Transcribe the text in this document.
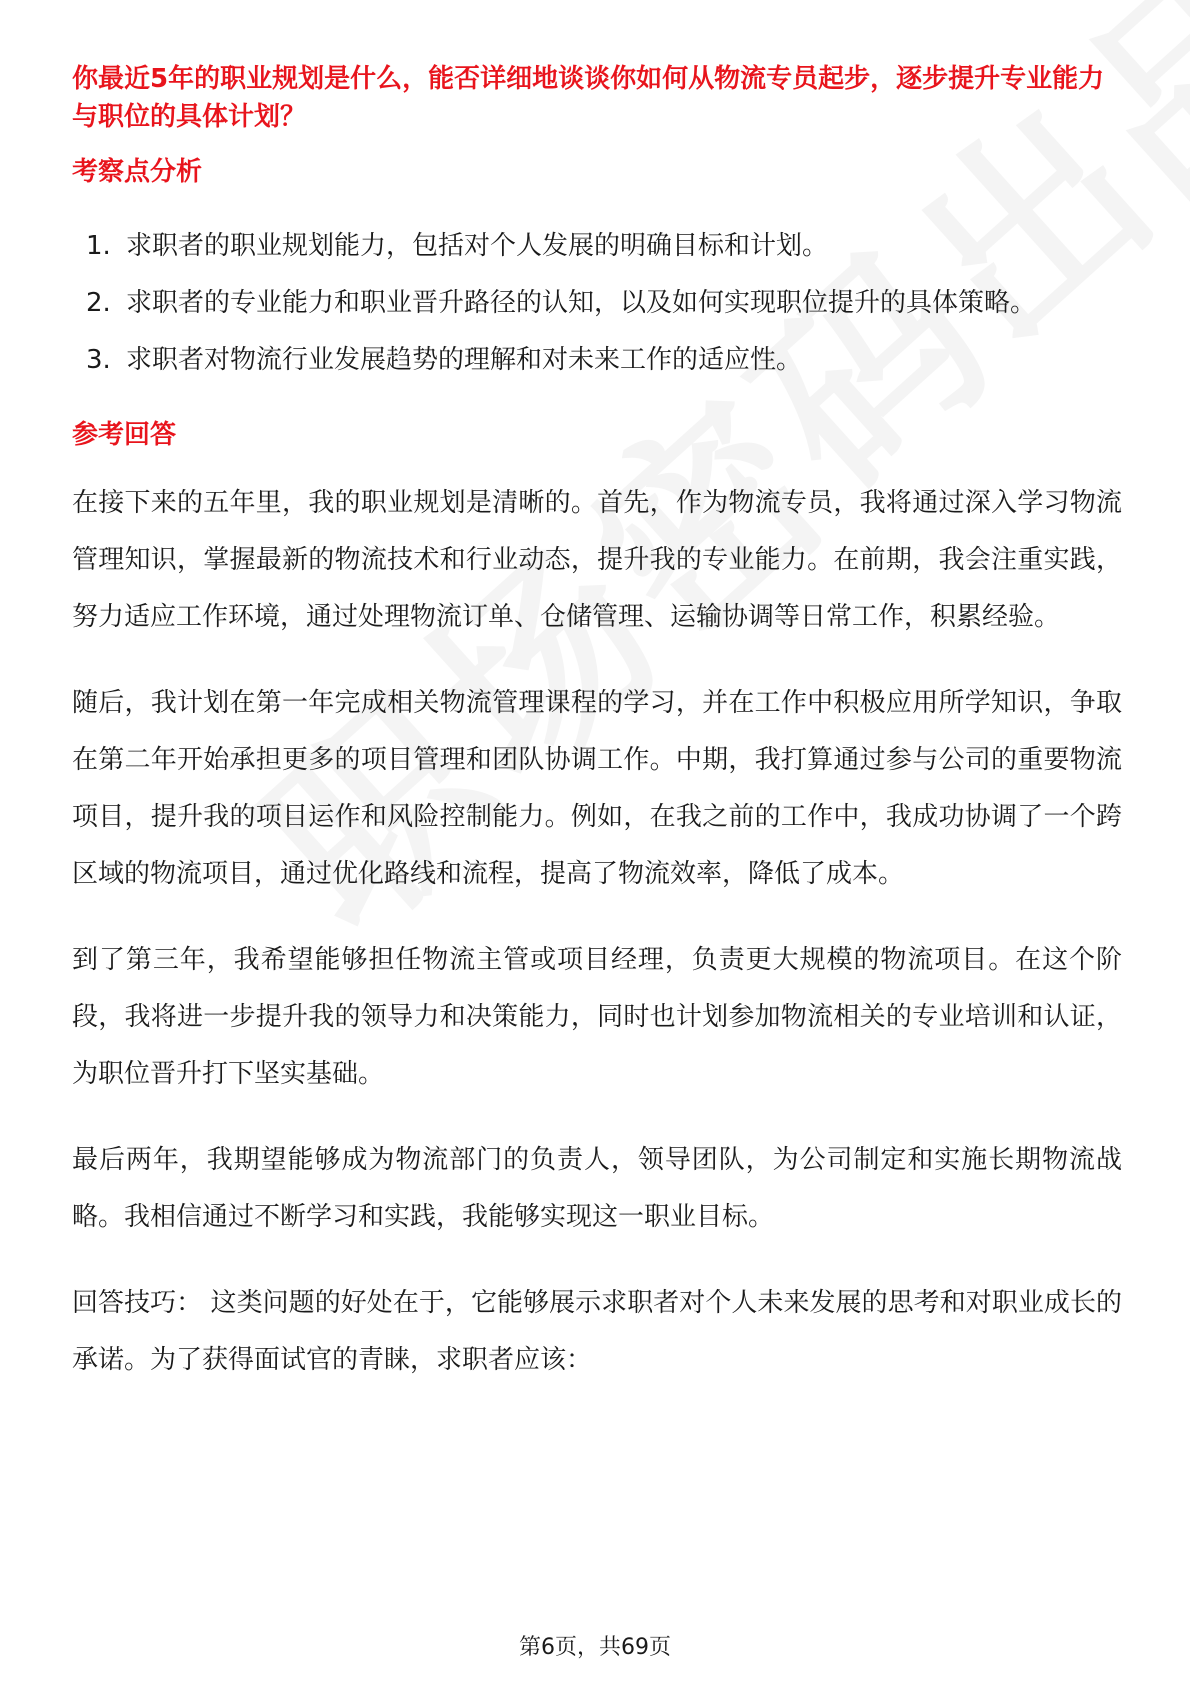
你最近5年的职业规划是什么，能否详细地谈谈你如何从物流专员起步，逐步提升专业能力与职位的具体计划？

考察点分析

1. 求职者的职业规划能力，包括对个人发展的明确目标和计划。
2. 求职者的专业能力和职业晋升路径的认知，以及如何实现职位提升的具体策略。
3. 求职者对物流行业发展趋势的理解和对未来工作的适应性。

参考回答

在接下来的五年里，我的职业规划是清晰的。首先，作为物流专员，我将通过深入学习物流管理知识，掌握最新的物流技术和行业动态，提升我的专业能力。在前期，我会注重实践，努力适应工作环境，通过处理物流订单、仓储管理、运输协调等日常工作，积累经验。

随后，我计划在第一年完成相关物流管理课程的学习，并在工作中积极应用所学知识，争取在第二年开始承担更多的项目管理和团队协调工作。中期，我打算通过参与公司的重要物流项目，提升我的项目运作和风险控制能力。例如，在我之前的工作中，我成功协调了一个跨区域的物流项目，通过优化路线和流程，提高了物流效率，降低了成本。

到了第三年，我希望能够担任物流主管或项目经理，负责更大规模的物流项目。在这个阶段，我将进一步提升我的领导力和决策能力，同时也计划参加物流相关的专业培训和认证，为职位晋升打下坚实基础。

最后两年，我期望能够成为物流部门的负责人，领导团队，为公司制定和实施长期物流战略。我相信通过不断学习和实践，我能够实现这一职业目标。

回答技巧： 这类问题的好处在于，它能够展示求职者对个人未来发展的思考和对职业成长的承诺。为了获得面试官的青睐，求职者应该：

第6页，共69页
